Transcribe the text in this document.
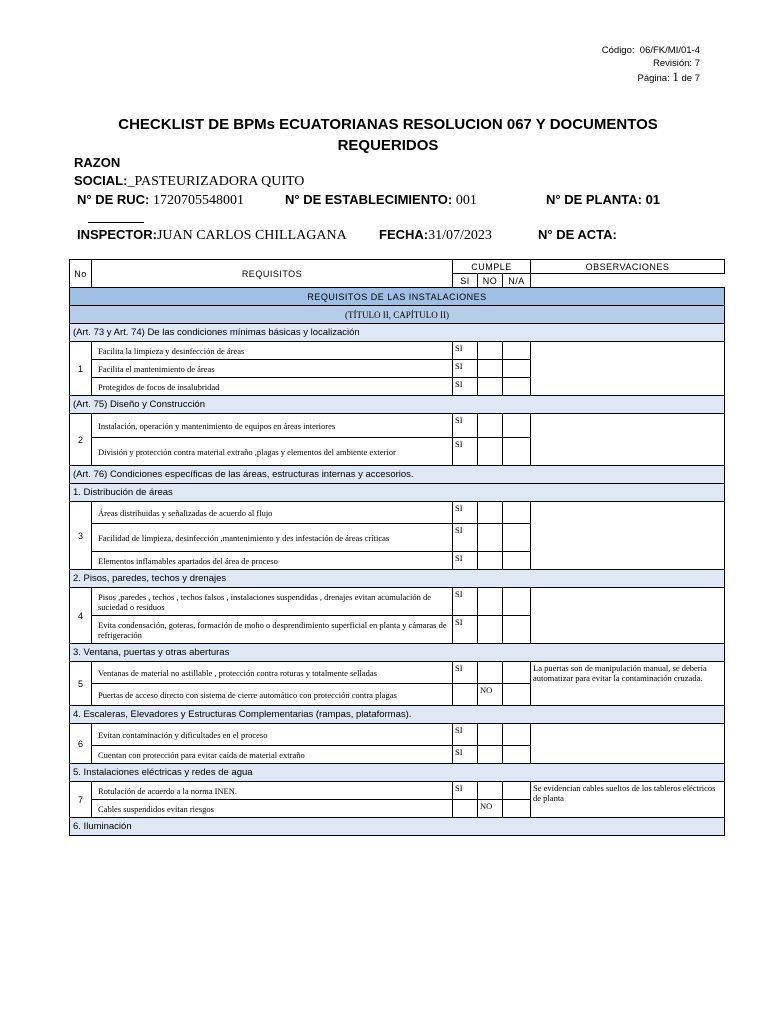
Código: 06/FK/MI/01-4
Revisión: 7
Página: 1 de 7
CHECKLIST DE BPMs ECUATORIANAS RESOLUCION 067 Y DOCUMENTOS
REQUERIDOS
RAZON
SOCIAL:_PASTEURIZADORA QUITO
N° DE RUC: 1720705548001	N° DE ESTABLECIMIENTO: 001	N° DE PLANTA: 01
INSPECTOR:JUAN CARLOS CHILLAGANA FECHA:31/07/2023	N° DE ACTA:
No	REQUISITOS	CUMPLE			OBSERVACIONES
		SI	NO	N/A	
REQUISITOS DE LAS INSTALACIONES					
(TÍTULO II, CAPÍTULO II)					
(Art. 73 y Art. 74) De las condiciones mínimas básicas y localización					
1	Facilita la limpieza y desinfección de áreas	SI			
	Facilita el mantenimiento de áreas	SI			
	Protegidos de focos de insalubridad	SI			
(Art. 75) Diseño y Construcción					
2	Instalación, operación y mantenimiento de equipos en áreas interiores	SI			
	División y protección contra material extraño ,plagas y elementos del ambiente exterior	SI			
(Art. 76) Condiciones específicas de las áreas, estructuras internas y accesorios.					
1. Distribución de áreas					
3	Áreas distribuidas y señalizadas de acuerdo al flujo	SI			
	Facilidad de limpieza, desinfección ,mantenimiento y des infestación de áreas críticas	SI			
	Elementos inflamables apartados del área de proceso	SI			
2. Pisos, paredes, techos y drenajes					
4	Pisos ,paredes , techos , techos falsos , instalaciones suspendidas , drenajes evitan acumulación de suciedad o residuos	SI			
	Evita condensación, goteras, formación de moho o desprendimiento superficial en planta y cámaras de refrigeración	SI			
3. Ventana, puertas y otras aberturas					
5	Ventanas de material no astillable , protección contra roturas y totalmente selladas	SI			La puertas son de manipulación manual, se debería automatizar para evitar la contaminación cruzada.
	Puertas de acceso directo con sistema de cierre automático con protección contra plagas		NO		
4. Escaleras, Elevadores y Estructuras Complementarias (rampas, plataformas).					
6	Evitan contaminación y dificultades en el proceso	SI			
	Cuentan con protección para evitar caída de material extraño	SI			
5. Instalaciones eléctricas y redes de agua					
7	Rotulación de acuerdo a la norma INEN.	SI			Se evidencian cables sueltos de los tableros eléctricos de planta
	Cables suspendidos evitan riesgos		NO		
6. Iluminación					
